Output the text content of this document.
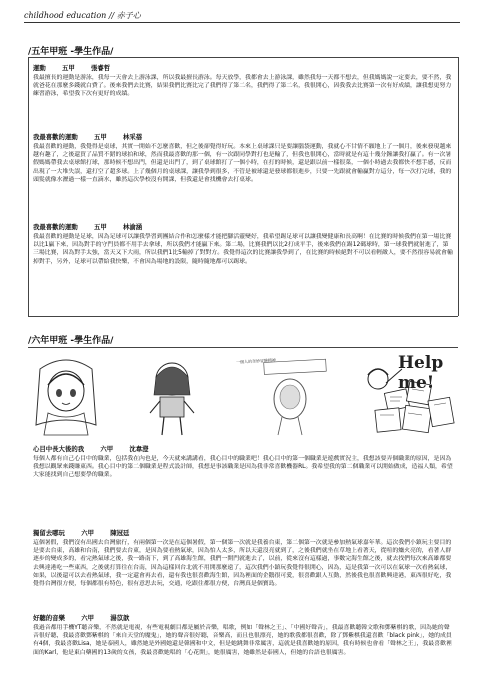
childhood education // 赤子心
/五年甲班 -學生作品/
運動	五甲	張睿哲

我最擅長的運動是游泳，我每一天會去上游泳課，所以我最擅長游泳。每天放學，我都會去上游泳課，雖然我每一天都不想去，但我媽媽說一定要去，要不然，我就爸花在那麼多錢就白費了。後來我們去比賽，結果我們比賽比完了我們得了第二名，我們得了第二名，我很開心，因我我去比賽第一次有好成績，讓我想更努力練習游泳，希望我下次有更好的成績。

我最喜歡的運動	五甲	林采蓓

我最喜歡的運動，我覺得是桌球，其實一開始不怎麼喜歡，但之後卻覺得好玩。本來上桌球課只是要讓腦袋運動，我就心不甘情不願地上了一個月，後來發現越來越有趣了，之後還買了品質不錯的球拍和球，然而我最喜歡的那一個，有一次跟同學對打也是輸了，但我也很開心，當時就是有這十幾分鐘讓我打贏了。有一次暑假媽媽帶我去桌球館打球，那時候不想出門，但還是出門了，到了桌球館打了一個小時，在打的時候，還是跟以前一樣很菜，一個小時過去我都快不想手感，反而出現了一大堆失誤，還打空了超多球。上了幾個月的桌球課，讓我學到很多，不管是被球還是發球都很進步，只要一先跟就會輸贏對方這分，每一次打完球，我的頭髮就像水瀝過一樣一直滴水，雖然這次學校沒有開課，但我還是會找機會去打桌球。

我最喜歡的運動	五甲	林渝涵

我最喜歡的運動是足球，因為足球可以讓我學習到團結合作和怎麼樣才能把腳活靈變好，我希望踢足球可以讓我變健康和長高啊！在比賽的時候我們在第一場比賽以比1贏下來，因為對手的守門員都不用手去拿球，所以我們才能贏下來。第二場，比賽我們以比2打成平手，後來我們在踢12碼球時，第一球我們就射進了，第三場比賽，因為對手太強，當天又下大雨，所以我們1比5輸掉了對對方。我覺得這次的比賽讓我學到了，在比賽的時候絕對不可以看輕敵人，要不然很容易就會輸掉對手，另外，足球可以帶給我快樂，不會因為場地的設限，隨時隨地都可以踢球。

/六年甲班 -學生作品/
一個人的奇妙冒險精神	Help me!
心目中長大後的我	六甲	沈韋澄

每個人都有自己心目中的職業，包括我在內也是，今天就來講講看，我心目中的職業吧！我心目中的第一個職業是遊戲實況主，我想該要弄個職業的原因，是因為我想以觀眾來錢賺東西。我心目中的第二個職業是程式設計師，我想是事該職業是因為我非常喜歡機器RL。我希望我的第二個職業可以開始做成，造福人類，希望大家能找到自己想要學的職業。

獨留去哪玩	六甲	陳冠廷

這個暑假，我們沒有出國去台灣旅行，有兩個第一次是在這個暑假，第一個第一次就是我養台東，第二個第一次就是參加熱氣球嘉年華。這次我們小鎮玩主要目的是要去台東，高雄和台南，我們要去台東，是因為要看熱氣球，因為怕人太多，所以天還沒亮就到了，之後我們就坐在草地上看著天，從喧的爐火亮的，看著人群逐步的變成多的，看完熱氣球之後，我一路南下，到了高雄海生館，我們一開門就進去了，以前，從來沒有這樣過，事數完海生館之後，就去找們每次來高雄都要去興達港吃一些東西，之後就打算往在台南，因為這樣回台北就不用開那麼遠了，這次我們小鎮玩我覺得很開心，因為，這是我第一次可以在氣球一次看熱氣球，如果，以後還可以去看熱氣球，我一定還會再去看，還有我也很喜歡海生館，因為裡面的企鵝很可愛，很喜歡跟人互動，然後我也很喜歡興達港，東西很好吃，我覺得台灣很方便，每個都很有特色，很有意思去玩，交通，吃跟住都很方便，台灣真是個寶島。

好聽的音樂	六甲	湯苡歆

我過音都用手機YT聽音樂，不然就是電視，有些電視劇目都是屬於音樂，唱歌，例如「聲林之王」、「中國好聲音」，我最喜歡聽韓文歌和鄧紫棋的歌，因為她的聲音很好聽，我最喜歡鄧紫棋的「來自天堂的魔鬼」，她的聲音很好聽，音樂高，而且也很漂亮，她的歌我都很喜歡，除了鄧紫棋我還喜歡「black pink」，她的成員有4個，我最喜歡Lisa，她是泰國人，雖然她是外國她還是韓國和中文，但是她跳舞非常厲害，這就是我喜歡她的原因，我有時候也會看「聲林之王」，我最喜歡裡面的Karl，他是東白藥國的13歲的女孩，我最喜歡她唱的「心花開」，她很厲害，她雖然是泰國人，但她的台語也很厲害。
